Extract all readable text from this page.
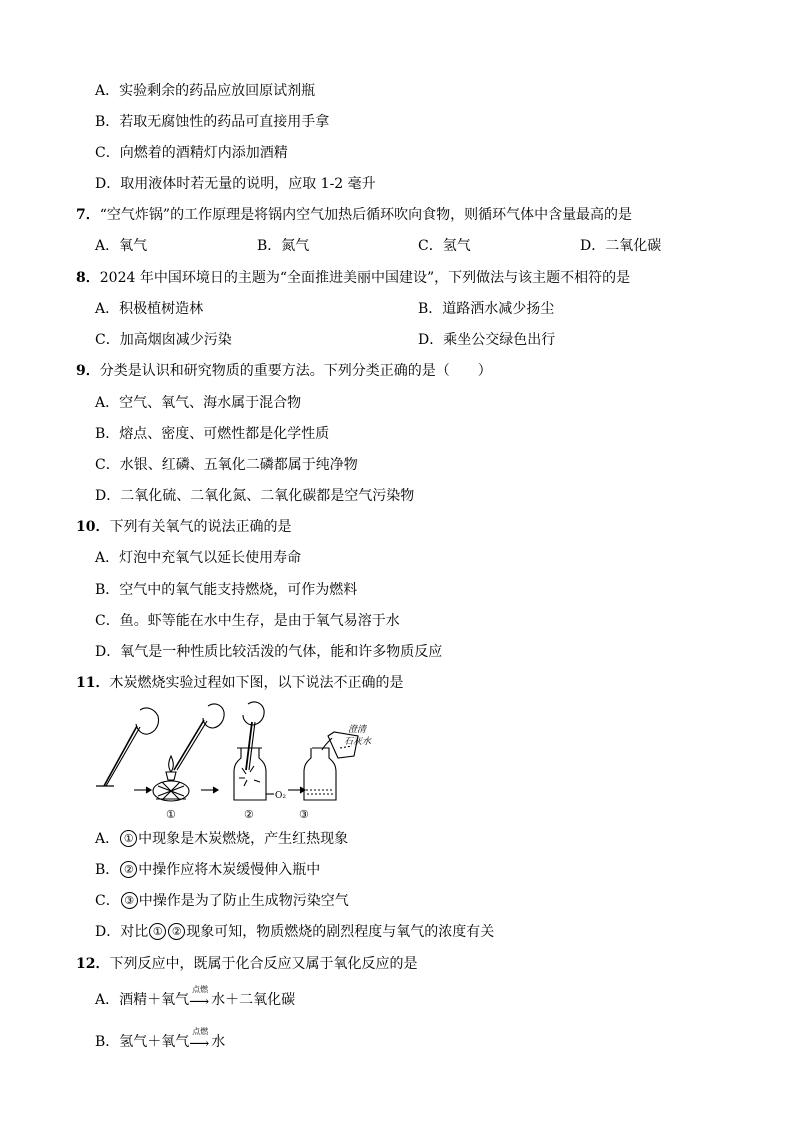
A．实验剩余的药品应放回原试剂瓶
B．若取无腐蚀性的药品可直接用手拿
C．向燃着的酒精灯内添加酒精
D．取用液体时若无量的说明，应取 1-2 毫升
7．“空气炸锅”的工作原理是将锅内空气加热后循环吹向食物，则循环气体中含量最高的是
A．氧气	B．氮气	C．氢气	D．二氧化碳
8．2024 年中国环境日的主题为“全面推进美丽中国建设”，下列做法与该主题不相符的是
A．积极植树造林	B．道路洒水减少扬尘
C．加高烟囱减少污染	D．乘坐公交绿色出行
9．分类是认识和研究物质的重要方法。下列分类正确的是（　　）
A．空气、氧气、海水属于混合物
B．熔点、密度、可燃性都是化学性质
C．水银、红磷、五氧化二磷都属于纯净物
D．二氧化硫、二氧化氮、二氧化碳都是空气污染物
10．下列有关氧气的说法正确的是
A．灯泡中充氧气以延长使用寿命
B．空气中的氧气能支持燃烧，可作为燃料
C．鱼。虾等能在水中生存，是由于氧气易溶于水
D．氧气是一种性质比较活泼的气体，能和许多物质反应
11．木炭燃烧实验过程如下图，以下说法不正确的是
①	②	③
O₂
澄清
石灰水
A． ① 中现象是木炭燃烧，产生红热现象
B． ② 中操作应将木炭缓慢伸入瓶中
C． ③ 中操作是为了防止生成物污染空气
D．对比 ① ② 现象可知，物质燃烧的剧烈程度与氧气的浓度有关
12．下列反应中，既属于化合反应又属于氧化反应的是
A．酒精＋氧气
点燃
⟶ 水＋二氧化碳
B．氢气＋氧气
点燃
⟶ 水
